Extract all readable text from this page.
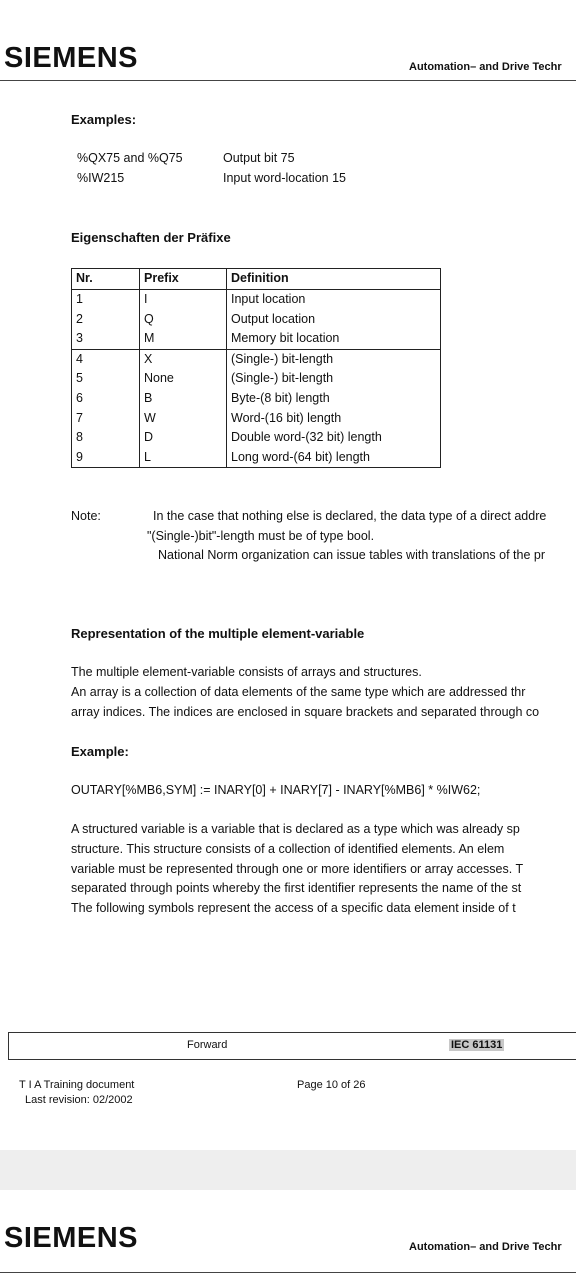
SIEMENS	Automation– and Drive Techr
Examples:
%QX75 and %Q75	Output bit 75
%IW215	Input word-location 15
Eigenschaften der Präfixe
Nr.	Prefix	Definition
1	I	Input location
2	Q	Output location
3	M	Memory bit location
4	X	(Single-) bit-length
5	None	(Single-) bit-length
6	B	Byte-(8 bit) length
7	W	Word-(16 bit) length
8	D	Double word-(32 bit) length
9	L	Long word-(64 bit) length
Note:	In the case that nothing else is declared, the data type of a direct addre
"(Single-)bit"-length must be of type bool.
National Norm organization can issue tables with translations of the pr
Representation of the multiple element-variable
The multiple element-variable consists of arrays and structures.
An array is a collection of data elements of the same type which are addressed thr
array indices. The indices are enclosed in square brackets and separated through co
Example:
OUTARY[%MB6,SYM] := INARY[0] + INARY[7] - INARY[%MB6] * %IW62;
A structured variable is a variable that is declared as a type which was already sp
structure. This structure consists of a collection of identified elements. An elem
variable must be represented through one or more identifiers or array accesses. T
separated through points whereby the first identifier represents the name of the st
The following symbols represent the access of a specific data element inside of t
Forward	IEC 61131
T I A Training document
Last revision: 02/2002
Page 10 of 26
SIEMENS	Automation– and Drive Techr
